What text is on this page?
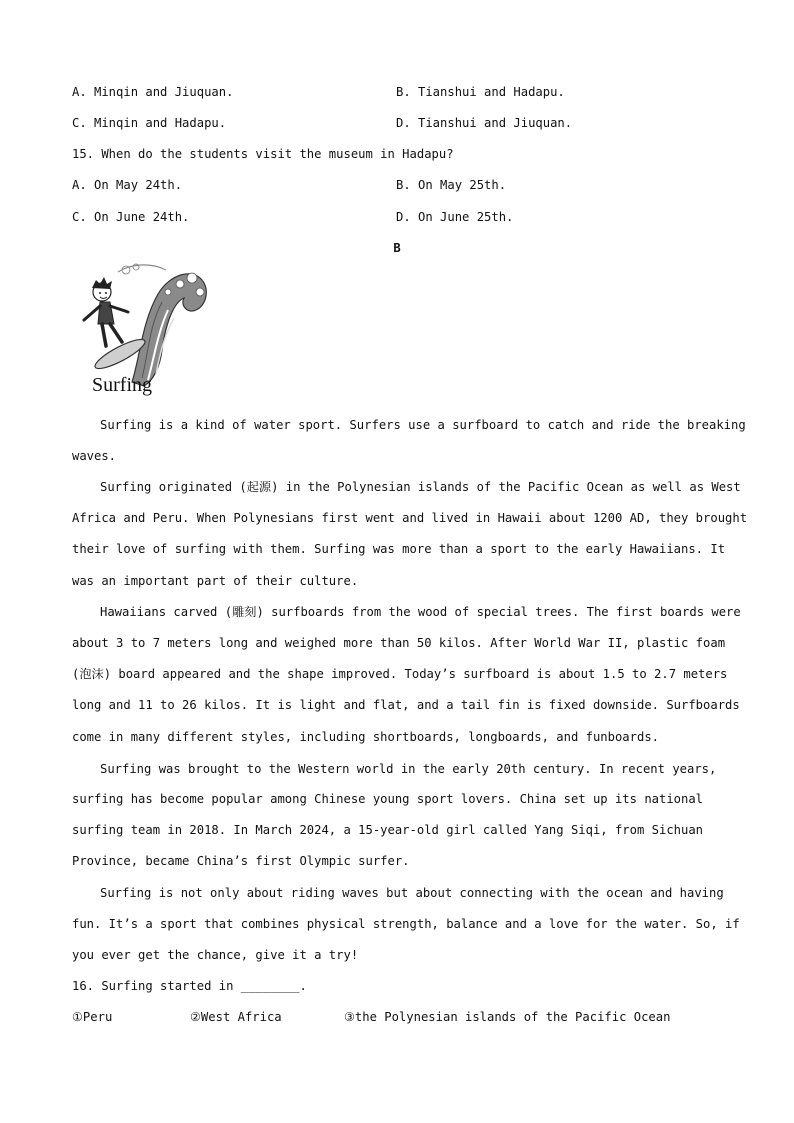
A. Minqin and Jiuquan.	B. Tianshui and Hadapu.
C. Minqin and Hadapu.	D. Tianshui and Jiuquan.
15. When do the students visit the museum in Hadapu?
A. On May 24th.	B. On May 25th.
C. On June 24th.	D. On June 25th.
B
Surfing
Surfing is a kind of water sport. Surfers use a surfboard to catch and ride the breaking
waves.
Surfing originated (起源) in the Polynesian islands of the Pacific Ocean as well as West
Africa and Peru. When Polynesians first went and lived in Hawaii about 1200 AD, they brought
their love of surfing with them. Surfing was more than a sport to the early Hawaiians. It
was an important part of their culture.
Hawaiians carved (雕刻) surfboards from the wood of special trees. The first boards were
about 3 to 7 meters long and weighed more than 50 kilos. After World War II, plastic foam
(泡沫) board appeared and the shape improved. Today’s surfboard is about 1.5 to 2.7 meters
long and 11 to 26 kilos. It is light and flat, and a tail fin is fixed downside. Surfboards
come in many different styles, including shortboards, longboards, and funboards.
Surfing was brought to the Western world in the early 20th century. In recent years,
surfing has become popular among Chinese young sport lovers. China set up its national
surfing team in 2018. In March 2024, a 15-year-old girl called Yang Siqi, from Sichuan
Province, became China’s first Olympic surfer.
Surfing is not only about riding waves but about connecting with the ocean and having
fun. It’s a sport that combines physical strength, balance and a love for the water. So, if
you ever get the chance, give it a try!
16. Surfing started in ________.
①Peru	②West Africa	③the Polynesian islands of the Pacific Ocean
